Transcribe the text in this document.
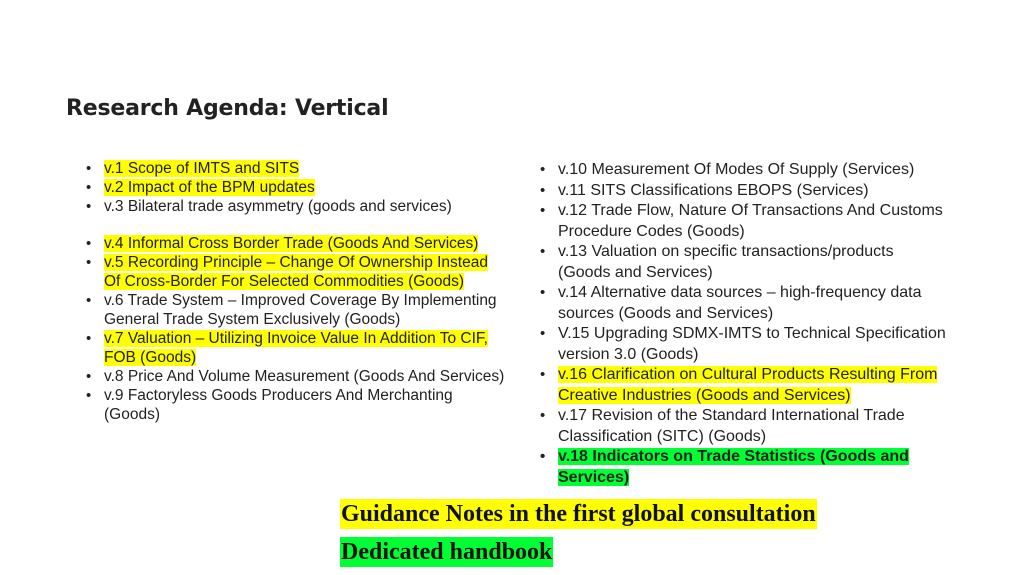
Research Agenda: Vertical
• v.1 Scope of IMTS and SITS
• v.2 Impact of the BPM updates
• v.3 Bilateral trade asymmetry (goods and services)
• v.4 Informal Cross Border Trade (Goods And Services)
• v.5 Recording Principle – Change Of Ownership Instead Of Cross-Border For Selected Commodities (Goods)
• v.6 Trade System – Improved Coverage By Implementing General Trade System Exclusively (Goods)
• v.7 Valuation – Utilizing Invoice Value In Addition To CIF, FOB (Goods)
• v.8 Price And Volume Measurement (Goods And Services)
• v.9 Factoryless Goods Producers And Merchanting (Goods)
• v.10 Measurement Of Modes Of Supply (Services)
• v.11 SITS Classifications EBOPS (Services)
• v.12 Trade Flow, Nature Of Transactions And Customs Procedure Codes (Goods)
• v.13 Valuation on specific transactions/products (Goods and Services)
• v.14 Alternative data sources – high-frequency data sources (Goods and Services)
• V.15 Upgrading SDMX-IMTS to Technical Specification version 3.0 (Goods)
• v.16 Clarification on Cultural Products Resulting From Creative Industries (Goods and Services)
• v.17 Revision of the Standard International Trade Classification (SITC) (Goods)
• v.18 Indicators on Trade Statistics (Goods and Services)
Guidance Notes in the first global consultation
Dedicated handbook
